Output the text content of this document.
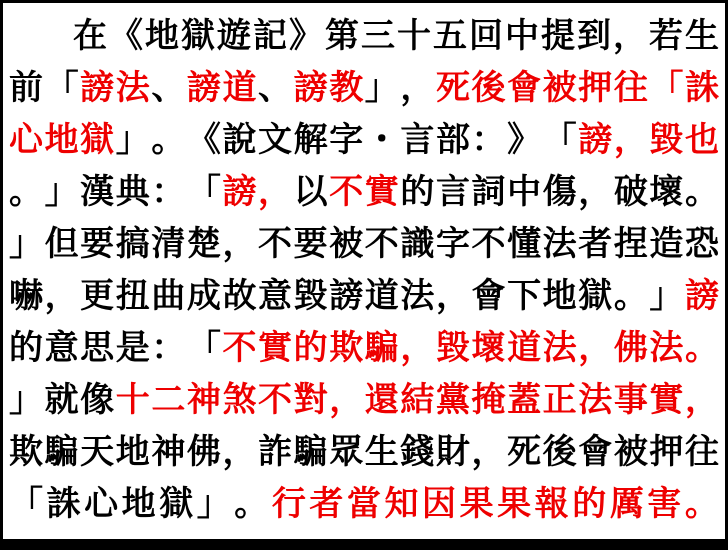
在 《 地 獄 遊 記 》 第 三 十 五 回 中 提 到 ， 若 生
前 「 謗 法 、 謗 道 、 謗 教 」 ， 死 後 會 被 押 往 「 誅
心 地 獄 」 。 《 說 文 解 字 ・ 言 部 ： 》 「 謗 ， 毀 也
。 」 漢 典 ： 「 謗 ， 以 不 實 的 言 詞 中 傷 ， 破 壞 。
」 但 要 搞 清 楚 ， 不 要 被 不 識 字 不 懂 法 者 捏 造 恐
嚇 ， 更 扭 曲 成 故 意 毀 謗 道 法 ， 會 下 地 獄 。 」 謗
的 意 思 是 ： 「 不 實 的 欺 騙 ， 毀 壞 道 法 ， 佛 法 。
」 就 像 十 二 神 煞 不 對 ， 還 結 黨 掩 蓋 正 法 事 實 ，
欺 騙 天 地 神 佛 ， 詐 騙 眾 生 錢 財 ， 死 後 會 被 押 往
「 誅 心 地 獄 」 。 行 者 當 知 因 果 果 報 的 厲 害 。
